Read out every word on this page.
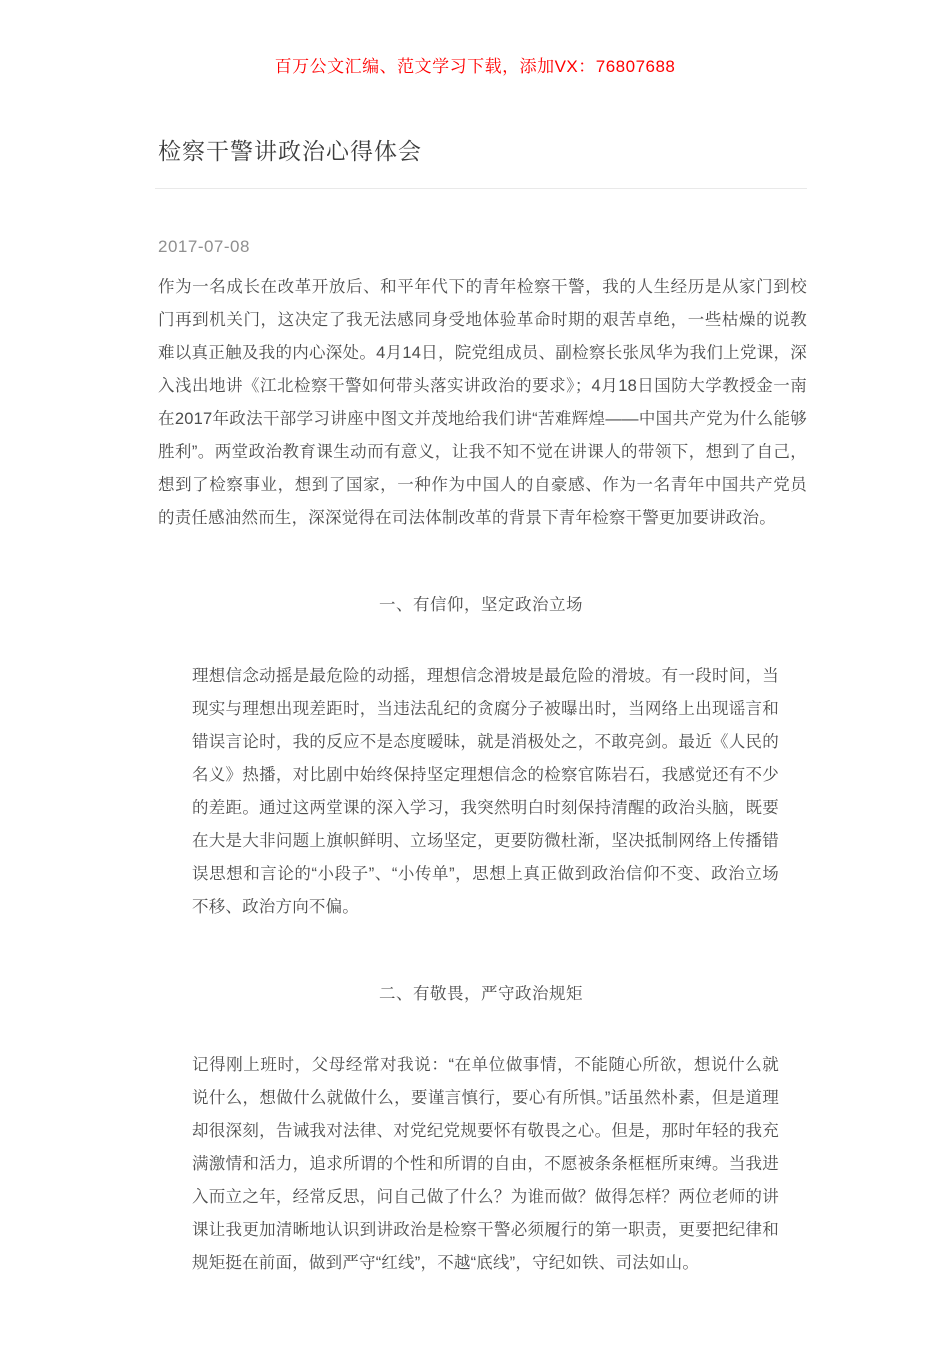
百万公文汇编、范文学习下载，添加VX：76807688
检察干警讲政治心得体会
2017-07-08

作为一名成长在改革开放后、和平年代下的青年检察干警，我的人生经历是从家门到校门再到机关门，这决定了我无法感同身受地体验革命时期的艰苦卓绝，一些枯燥的说教难以真正触及我的内心深处。4月14日，院党组成员、副检察长张凤华为我们上党课，深入浅出地讲《江北检察干警如何带头落实讲政治的要求》；4月18日国防大学教授金一南在2017年政法干部学习讲座中图文并茂地给我们讲“苦难辉煌——中国共产党为什么能够胜利”。两堂政治教育课生动而有意义，让我不知不觉在讲课人的带领下，想到了自己，想到了检察事业，想到了国家，一种作为中国人的自豪感、作为一名青年中国共产党员的责任感油然而生，深深觉得在司法体制改革的背景下青年检察干警更加要讲政治。

一、有信仰，坚定政治立场

理想信念动摇是最危险的动摇，理想信念滑坡是最危险的滑坡。有一段时间，当现实与理想出现差距时，当违法乱纪的贪腐分子被曝出时，当网络上出现谣言和错误言论时，我的反应不是态度暧昧，就是消极处之，不敢亮剑。最近《人民的名义》热播，对比剧中始终保持坚定理想信念的检察官陈岩石，我感觉还有不少的差距。通过这两堂课的深入学习，我突然明白时刻保持清醒的政治头脑，既要在大是大非问题上旗帜鲜明、立场坚定，更要防微杜渐，坚决抵制网络上传播错误思想和言论的“小段子”、“小传单”，思想上真正做到政治信仰不变、政治立场不移、政治方向不偏。

二、有敬畏，严守政治规矩

记得刚上班时，父母经常对我说：“在单位做事情，不能随心所欲，想说什么就说什么，想做什么就做什么，要谨言慎行，要心有所惧。”话虽然朴素，但是道理却很深刻，告诫我对法律、对党纪党规要怀有敬畏之心。但是，那时年轻的我充满激情和活力，追求所谓的个性和所谓的自由，不愿被条条框框所束缚。当我进入而立之年，经常反思，问自己做了什么？为谁而做？做得怎样？两位老师的讲课让我更加清晰地认识到讲政治是检察干警必须履行的第一职责，更要把纪律和规矩挺在前面，做到严守“红线”，不越“底线”，守纪如铁、司法如山。
